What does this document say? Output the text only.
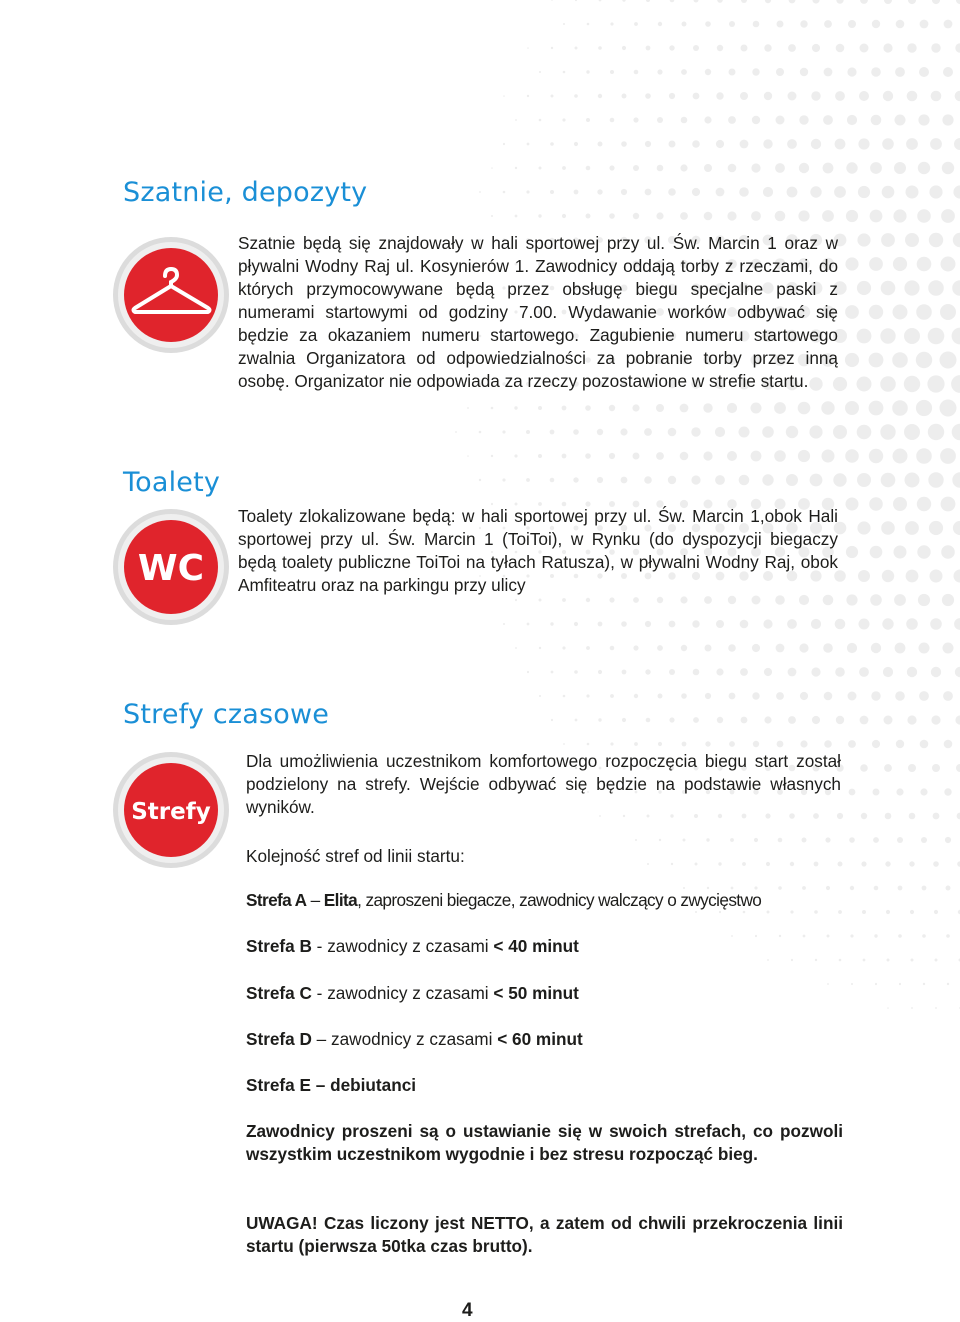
Szatnie, depozyty

Szatnie będą się znajdowały w hali sportowej przy ul. Św. Marcin 1 oraz w pływalni Wodny Raj ul. Kosynierów 1. Zawodnicy oddają torby z rzeczami, do których przymocowywane będą przez obsługę biegu specjalne paski z numerami startowymi od godziny 7.00. Wydawanie worków odbywać się będzie za okazaniem numeru startowego. Zagubienie numeru startowego zwalnia Organizatora od odpowiedzialności za pobranie torby przez inną osobę. Organizator nie odpowiada za rzeczy pozostawione w strefie startu.

Toalety
WC

Toalety zlokalizowane będą: w hali sportowej przy ul. Św. Marcin 1,obok Hali sportowej przy ul. Św. Marcin 1 (ToiToi), w Rynku (do dyspozycji biegaczy będą toalety publiczne ToiToi na tyłach Ratusza), w pływalni Wodny Raj, obok Amfiteatru oraz na parkingu przy ulicy

Strefy czasowe
Strefy

Dla umożliwienia uczestnikom komfortowego rozpoczęcia biegu start został podzielony na strefy. Wejście odbywać się będzie na podstawie własnych wyników.

Kolejność stref od linii startu:
Strefa A – Elita, zaproszeni biegacze, zawodnicy walczący o zwycięstwo
Strefa B - zawodnicy z czasami < 40 minut
Strefa C - zawodnicy z czasami < 50 minut
Strefa D – zawodnicy z czasami < 60 minut
Strefa E – debiutanci

Zawodnicy proszeni są o ustawianie się w swoich strefach, co pozwoli wszystkim uczestnikom wygodnie i bez stresu rozpocząć bieg.

UWAGA! Czas liczony jest NETTO, a zatem od chwili przekroczenia linii startu (pierwsza 50tka czas brutto).

4
